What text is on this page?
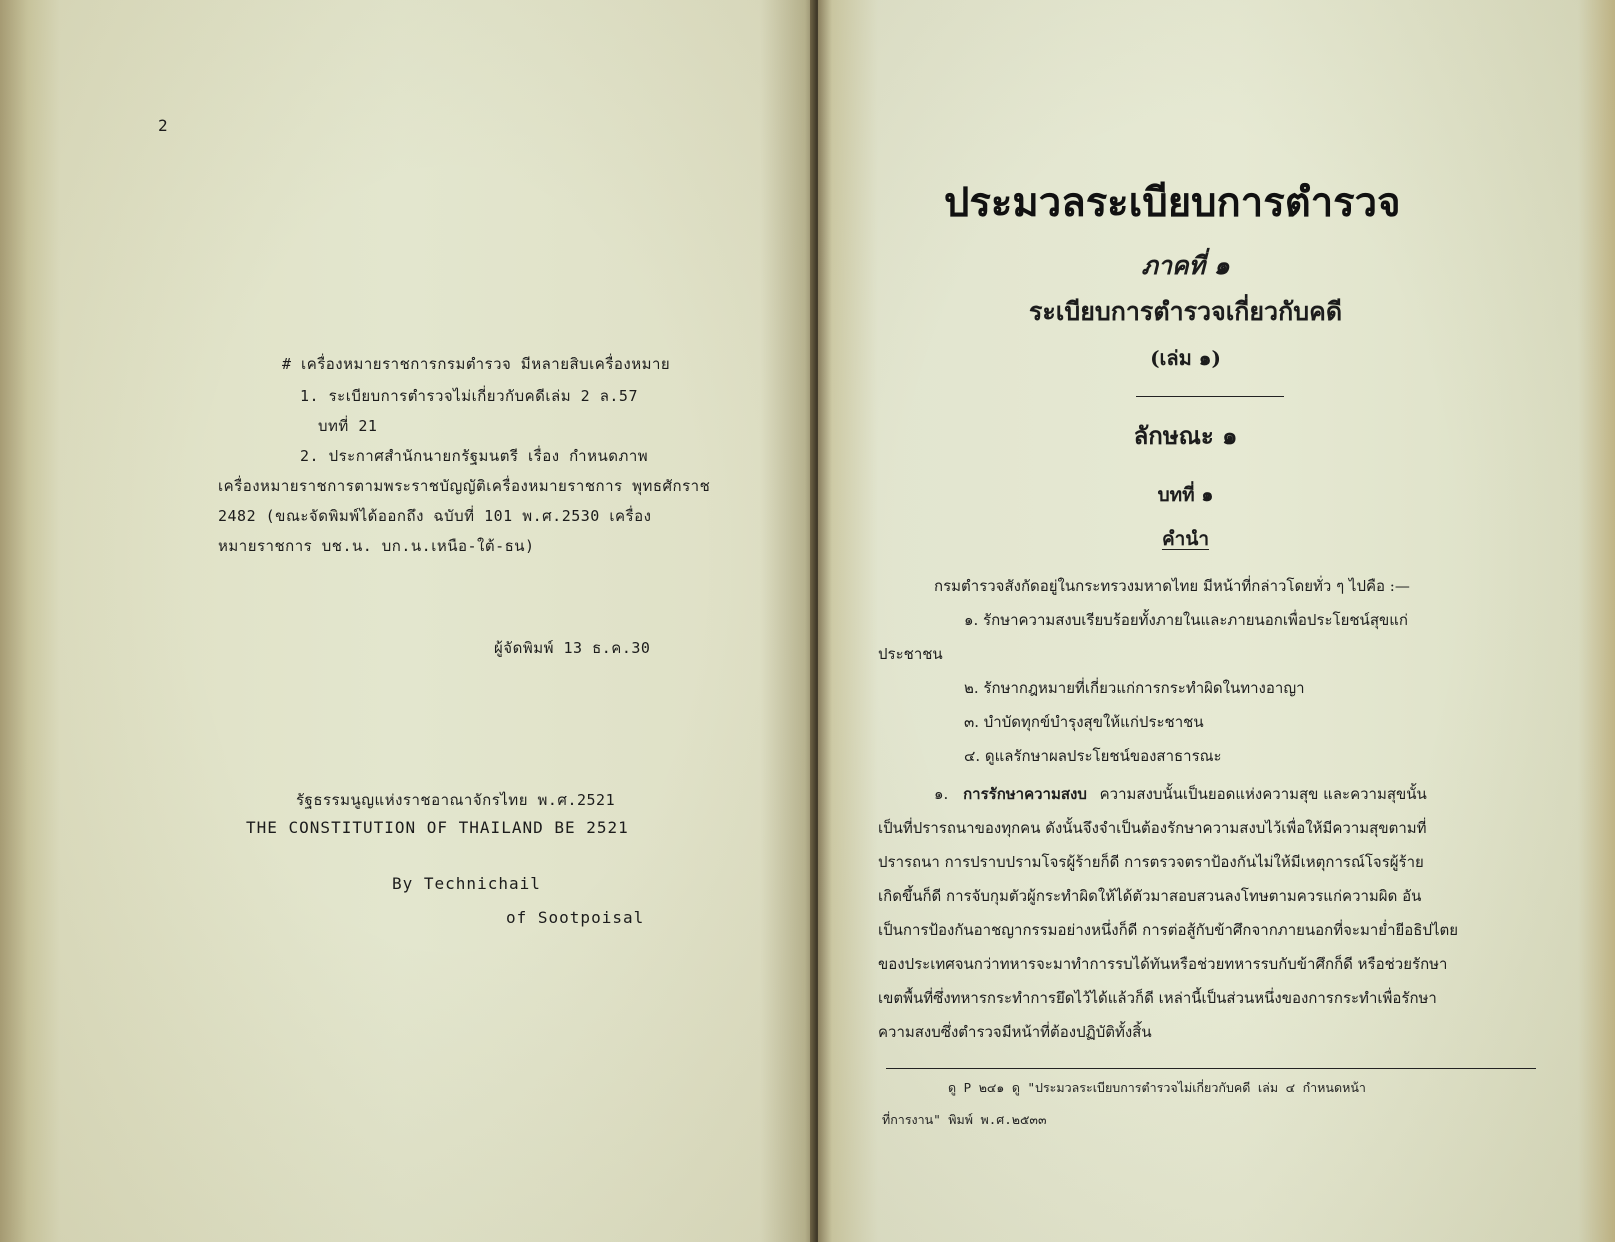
2
# เครื่องหมายราชการกรมตำรวจ มีหลายสิบเครื่องหมาย
1. ระเบียบการตำรวจไม่เกี่ยวกับคดีเล่ม 2 ล.57
บทที่ 21
2. ประกาศสำนักนายกรัฐมนตรี เรื่อง กำหนดภาพ
เครื่องหมายราชการตามพระราชบัญญัติเครื่องหมายราชการ พุทธศักราช
2482 (ขณะจัดพิมพ์ได้ออกถึง ฉบับที่ 101 พ.ศ.2530 เครื่อง
หมายราชการ บช.น. บก.น.เหนือ-ใต้-ธน)
ผู้จัดพิมพ์ 13 ธ.ค.30
รัฐธรรมนูญแห่งราชอาณาจักรไทย พ.ศ.2521
THE CONSTITUTION OF THAILAND BE 2521
By Technichail
of Sootpoisal
ประมวลระเบียบการตำรวจ
ภาคที่ ๑
ระเบียบการตำรวจเกี่ยวกับคดี
(เล่ม ๑)
ลักษณะ ๑
บทที่ ๑
คำนำ
กรมตำรวจสังกัดอยู่ในกระทรวงมหาดไทย มีหน้าที่กล่าวโดยทั่ว ๆ ไปคือ :—
๑. รักษาความสงบเรียบร้อยทั้งภายในและภายนอกเพื่อประโยชน์สุขแก่
ประชาชน
๒. รักษากฎหมายที่เกี่ยวแก่การกระทำผิดในทางอาญา
๓. บำบัดทุกข์บำรุงสุขให้แก่ประชาชน
๔. ดูแลรักษาผลประโยชน์ของสาธารณะ
๑. การรักษาความสงบ ความสงบนั้นเป็นยอดแห่งความสุข และความสุขนั้น
เป็นที่ปรารถนาของทุกคน ดังนั้นจึงจำเป็นต้องรักษาความสงบไว้เพื่อให้มีความสุขตามที่
ปรารถนา การปราบปรามโจรผู้ร้ายก็ดี การตรวจตราป้องกันไม่ให้มีเหตุการณ์โจรผู้ร้าย
เกิดขึ้นก็ดี การจับกุมตัวผู้กระทำผิดให้ได้ตัวมาสอบสวนลงโทษตามควรแก่ความผิด อัน
เป็นการป้องกันอาชญากรรมอย่างหนึ่งก็ดี การต่อสู้กับข้าศึกจากภายนอกที่จะมาย่ำยีอธิปไตย
ของประเทศจนกว่าทหารจะมาทำการรบได้ทันหรือช่วยทหารรบกับข้าศึกก็ดี หรือช่วยรักษา
เขตพื้นที่ซึ่งทหารกระทำการยึดไว้ได้แล้วก็ดี เหล่านี้เป็นส่วนหนึ่งของการกระทำเพื่อรักษา
ความสงบซึ่งตำรวจมีหน้าที่ต้องปฏิบัติทั้งสิ้น
ดู P ๒๔๑ ดู "ประมวลระเบียบการตำรวจไม่เกี่ยวกับคดี เล่ม ๔ กำหนดหน้า
ที่การงาน" พิมพ์ พ.ศ.๒๕๓๓
